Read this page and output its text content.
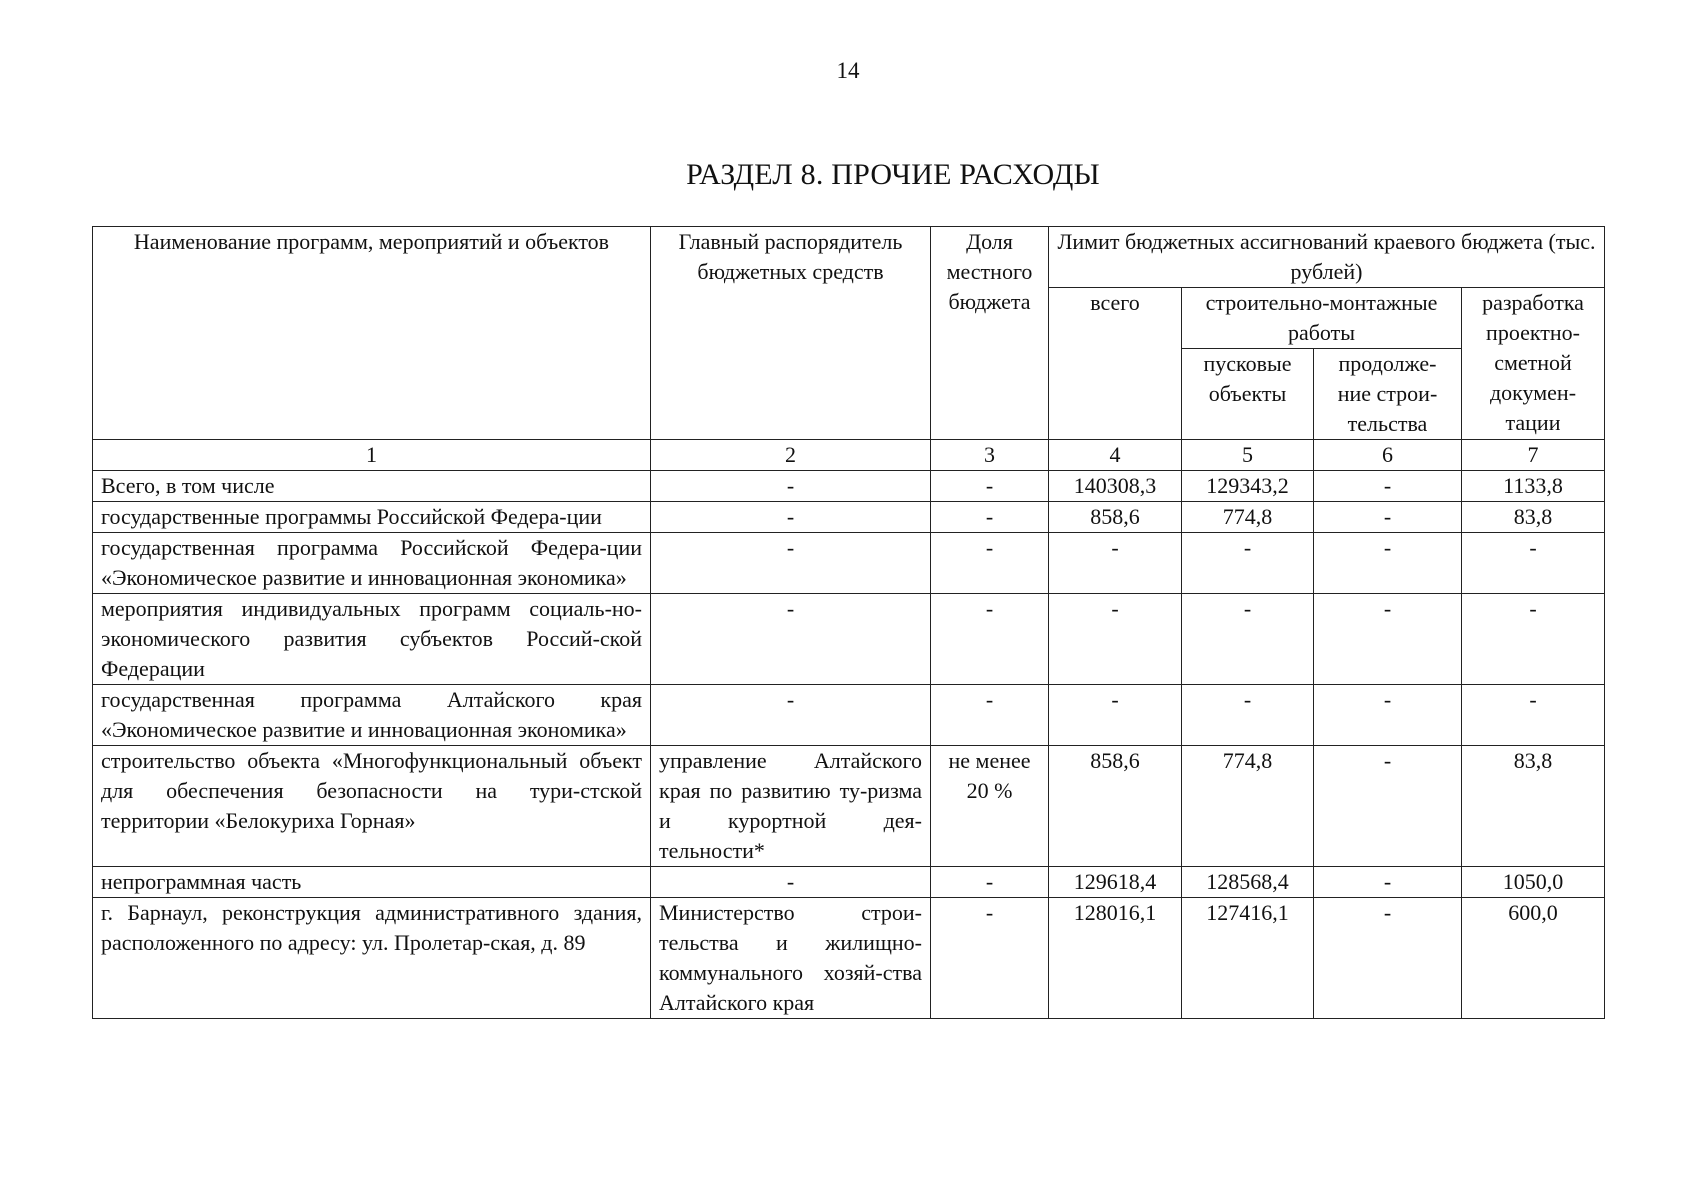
14
РАЗДЕЛ 8. ПРОЧИЕ РАСХОДЫ
Наименование программ, мероприятий и объектов	Главный распорядитель бюджетных средств	Доля местного бюджета	Лимит бюджетных ассигнований краевого бюджета (тыс. рублей)			
			всего	строительно-монтажные работы		разработка проектно-сметной докумен-тации
				пусковые объекты	продолже-ние строи-тельства	
1	2	3	4	5	6	7
Всего, в том числе	-	-	140308,3	129343,2	-	1133,8
государственные программы Российской Федера-ции	-	-	858,6	774,8	-	83,8
государственная программа Российской Федера-ции «Экономическое развитие и инновационная экономика»	-	-	-	-	-	-
мероприятия индивидуальных программ социаль-но-экономического развития субъектов Россий-ской Федерации	-	-	-	-	-	-
государственная программа Алтайского края «Экономическое развитие и инновационная экономика»	-	-	-	-	-	-
строительство объекта «Многофункциональный объект для обеспечения безопасности на тури-стской территории «Белокуриха Горная»	управление Алтайского края по развитию ту-ризма и курортной дея-тельности*	не менее 20 %	858,6	774,8	-	83,8
непрограммная часть	-	-	129618,4	128568,4	-	1050,0
г. Барнаул, реконструкция административного здания, расположенного по адресу: ул. Пролетар-ская, д. 89	Министерство строи-тельства и жилищно-коммунального хозяй-ства Алтайского края	-	128016,1	127416,1	-	600,0
